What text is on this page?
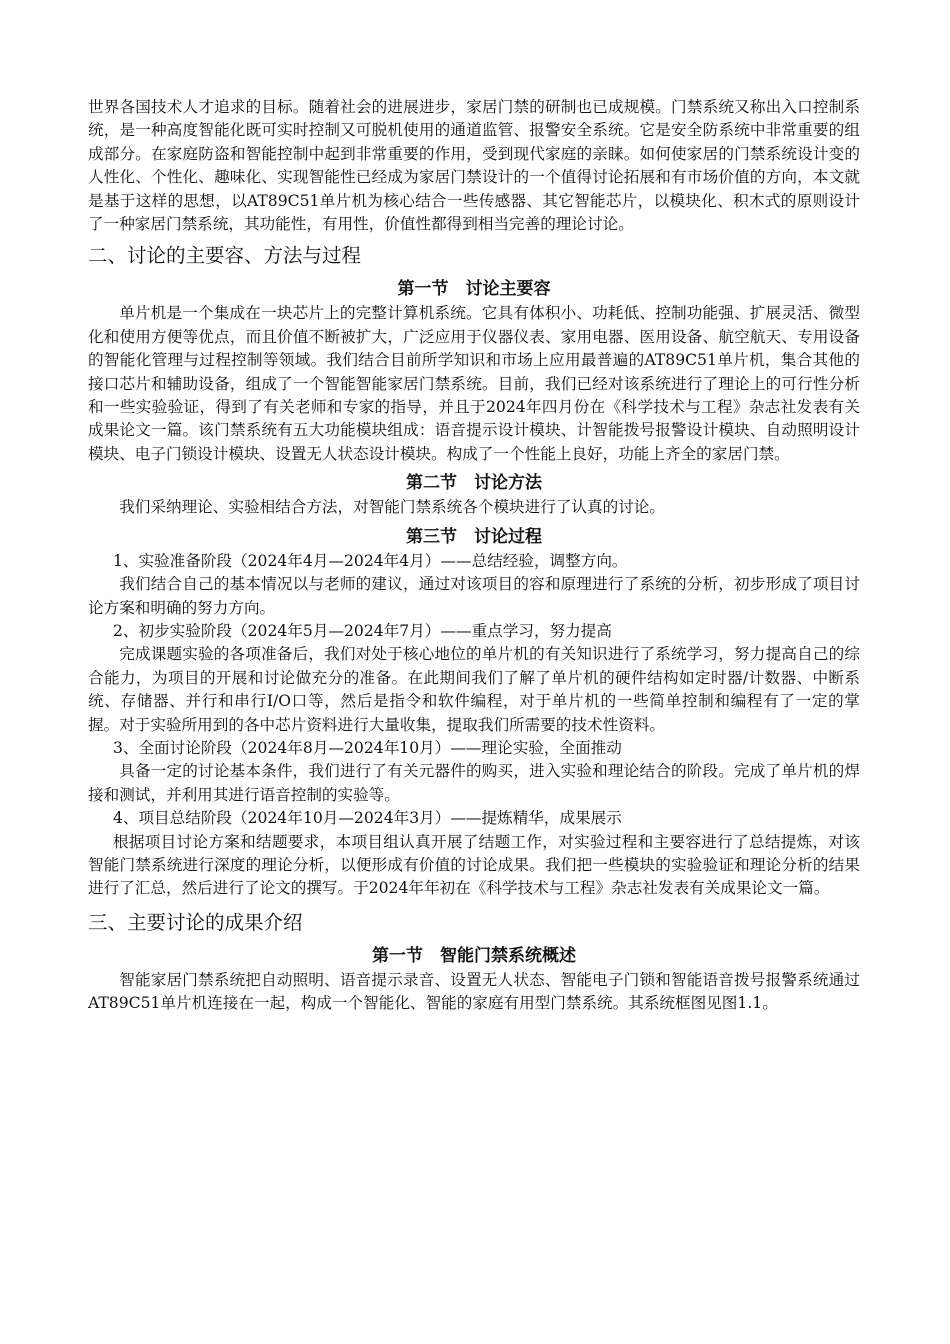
世界各国技术人才追求的目标。随着社会的进展进步，家居门禁的研制也已成规模。门禁系统又称出入口控制系统，是一种高度智能化既可实时控制又可脱机使用的通道监管、报警安全系统。它是安全防系统中非常重要的组成部分。在家庭防盗和智能控制中起到非常重要的作用，受到现代家庭的亲睐。如何使家居的门禁系统设计变的人性化、个性化、趣味化、实现智能性已经成为家居门禁设计的一个值得讨论拓展和有市场价值的方向，本文就是基于这样的思想，以AT89C51单片机为核心结合一些传感器、其它智能芯片，以模块化、积木式的原则设计了一种家居门禁系统，其功能性，有用性，价值性都得到相当完善的理论讨论。

二、讨论的主要容、方法与过程
第一节　讨论主要容

单片机是一个集成在一块芯片上的完整计算机系统。它具有体积小、功耗低、控制功能强、扩展灵活、微型化和使用方便等优点，而且价值不断被扩大，广泛应用于仪器仪表、家用电器、医用设备、航空航天、专用设备的智能化管理与过程控制等领域。我们结合目前所学知识和市场上应用最普遍的AT89C51单片机，集合其他的接口芯片和辅助设备，组成了一个智能智能家居门禁系统。目前，我们已经对该系统进行了理论上的可行性分析和一些实验验证，得到了有关老师和专家的指导，并且于2024年四月份在《科学技术与工程》杂志社发表有关成果论文一篇。该门禁系统有五大功能模块组成：语音提示设计模块、计智能拨号报警设计模块、自动照明设计模块、电子门锁设计模块、设置无人状态设计模块。构成了一个性能上良好，功能上齐全的家居门禁。

第二节　讨论方法

我们采纳理论、实验相结合方法，对智能门禁系统各个模块进行了认真的讨论。

第三节　讨论过程

1、实验准备阶段（2024年4月—2024年4月）——总结经验，调整方向。

我们结合自己的基本情况以与老师的建议，通过对该项目的容和原理进行了系统的分析，初步形成了项目讨论方案和明确的努力方向。

2、初步实验阶段（2024年5月—2024年7月）——重点学习，努力提高

完成课题实验的各项准备后，我们对处于核心地位的单片机的有关知识进行了系统学习，努力提高自己的综合能力，为项目的开展和讨论做充分的准备。在此期间我们了解了单片机的硬件结构如定时器/计数器、中断系统、存储器、并行和串行I/O口等，然后是指令和软件编程，对于单片机的一些简单控制和编程有了一定的掌握。对于实验所用到的各中芯片资料进行大量收集，提取我们所需要的技术性资料。

3、全面讨论阶段（2024年8月—2024年10月）——理论实验，全面推动

具备一定的讨论基本条件，我们进行了有关元器件的购买，进入实验和理论结合的阶段。完成了单片机的焊接和测试，并利用其进行语音控制的实验等。

4、项目总结阶段（2024年10月—2024年3月）——提炼精华，成果展示

根据项目讨论方案和结题要求，本项目组认真开展了结题工作，对实验过程和主要容进行了总结提炼，对该智能门禁系统进行深度的理论分析，以便形成有价值的讨论成果。我们把一些模块的实验验证和理论分析的结果进行了汇总，然后进行了论文的撰写。于2024年年初在《科学技术与工程》杂志社发表有关成果论文一篇。

三、主要讨论的成果介绍
第一节　智能门禁系统概述

智能家居门禁系统把自动照明、语音提示录音、设置无人状态、智能电子门锁和智能语音拨号报警系统通过AT89C51单片机连接在一起，构成一个智能化、智能的家庭有用型门禁系统。其系统框图见图1.1。
